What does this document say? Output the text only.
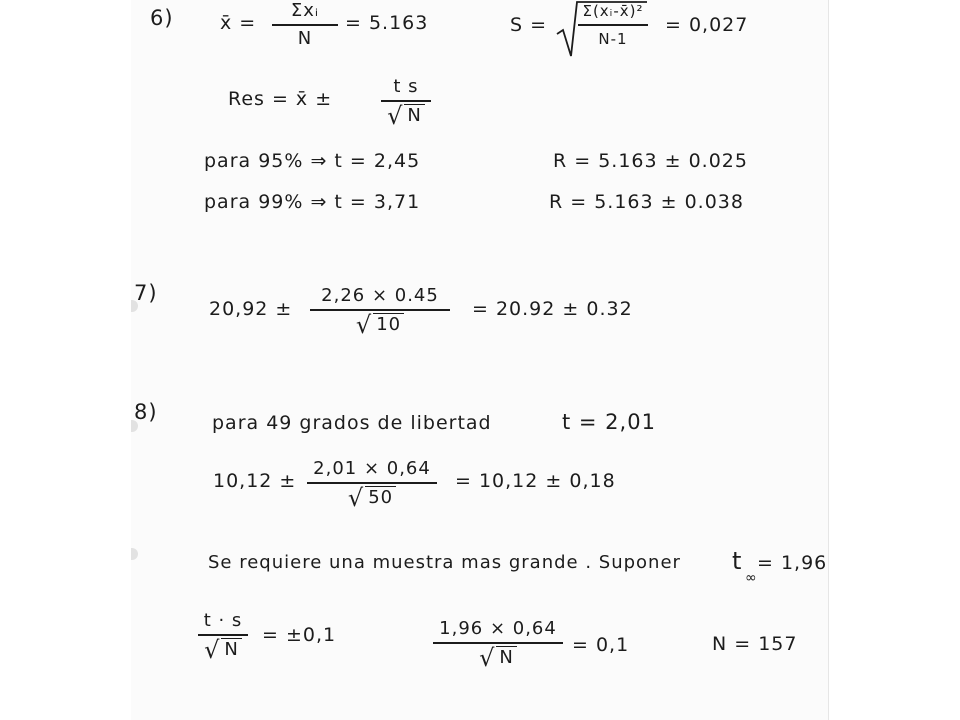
6) x̄ =
Σxᵢ
N
= 5.163	S =
Σ(xᵢ-x̄)²
N-1
= 0,027
Res = x̄ ±
t s
√ N
para 95% ⇒ t = 2,45	R = 5.163 ± 0.025
para 99% ⇒ t = 3,71	R = 5.163 ± 0.038
7)
20,92 ±
2,26 × 0.45
√ 10
= 20.92 ± 0.32
8)	para 49 grados de libertad	t = 2,01
10,12 ±
2,01 × 0,64
√ 50
= 10,12 ± 0,18
Se requiere una muestra mas grande . Suponer t
∞
= 1,96
t · s
√ N
= ±0,1	1,96 × 0,64
√ N
= 0,1	N = 157
